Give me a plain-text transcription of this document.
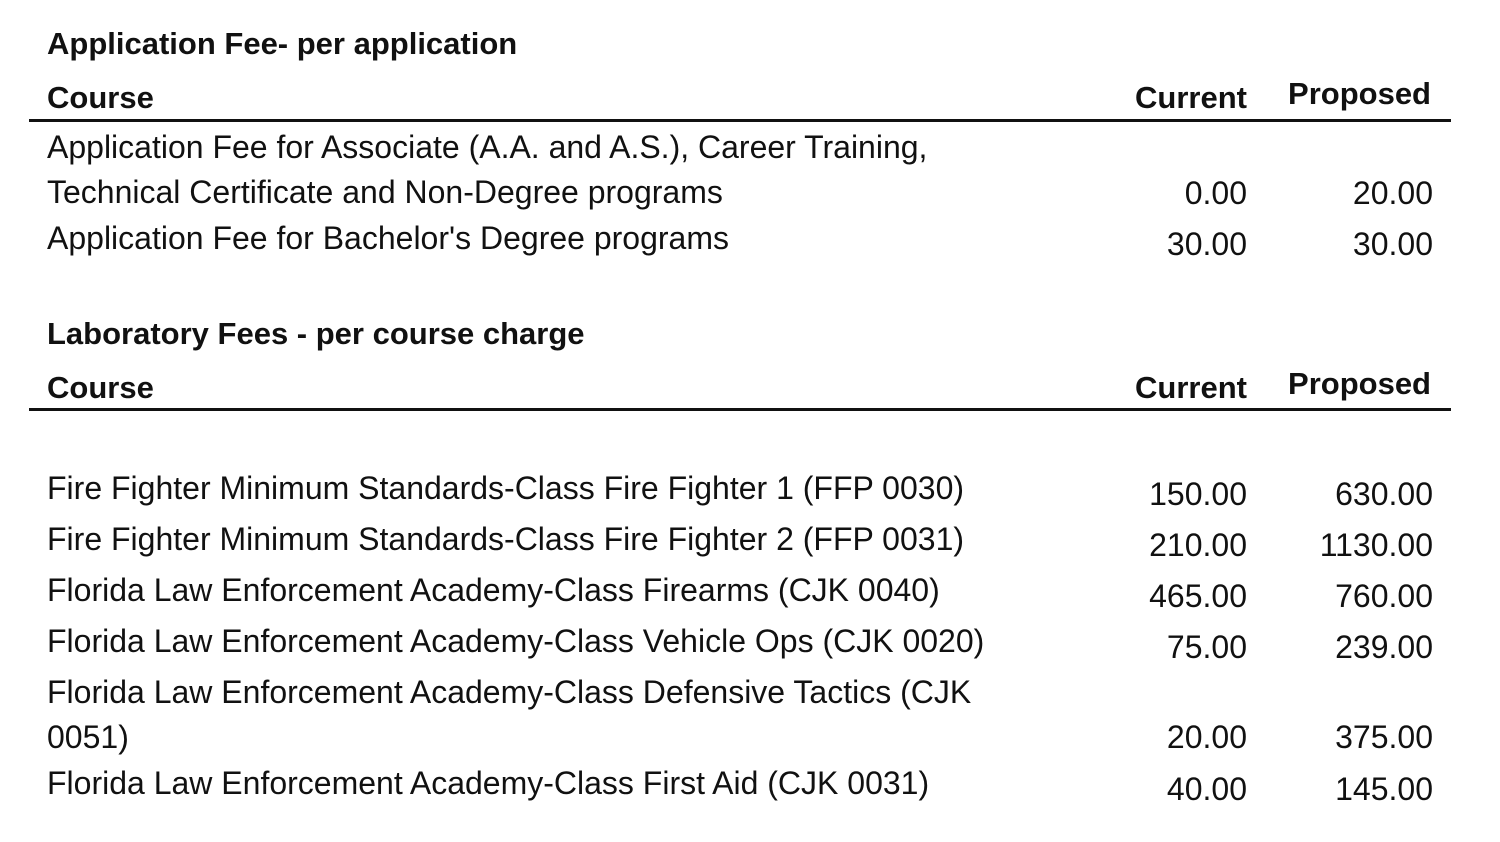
Application Fee- per application
Course	Current	Proposed
Application Fee for Associate (A.A. and A.S.), Career Training,
Technical Certificate and Non-Degree programs	0.00	20.00
Application Fee for Bachelor's Degree programs	30.00	30.00
Laboratory Fees - per course charge
Course	Current	Proposed
Fire Fighter Minimum Standards-Class Fire Fighter 1 (FFP 0030)	150.00	630.00
Fire Fighter Minimum Standards-Class Fire Fighter 2 (FFP 0031)	210.00	1130.00
Florida Law Enforcement Academy-Class Firearms (CJK 0040)	465.00	760.00
Florida Law Enforcement Academy-Class Vehicle Ops (CJK 0020)	75.00	239.00
Florida Law Enforcement Academy-Class Defensive Tactics (CJK
0051)	20.00	375.00
Florida Law Enforcement Academy-Class First Aid (CJK 0031)	40.00	145.00
